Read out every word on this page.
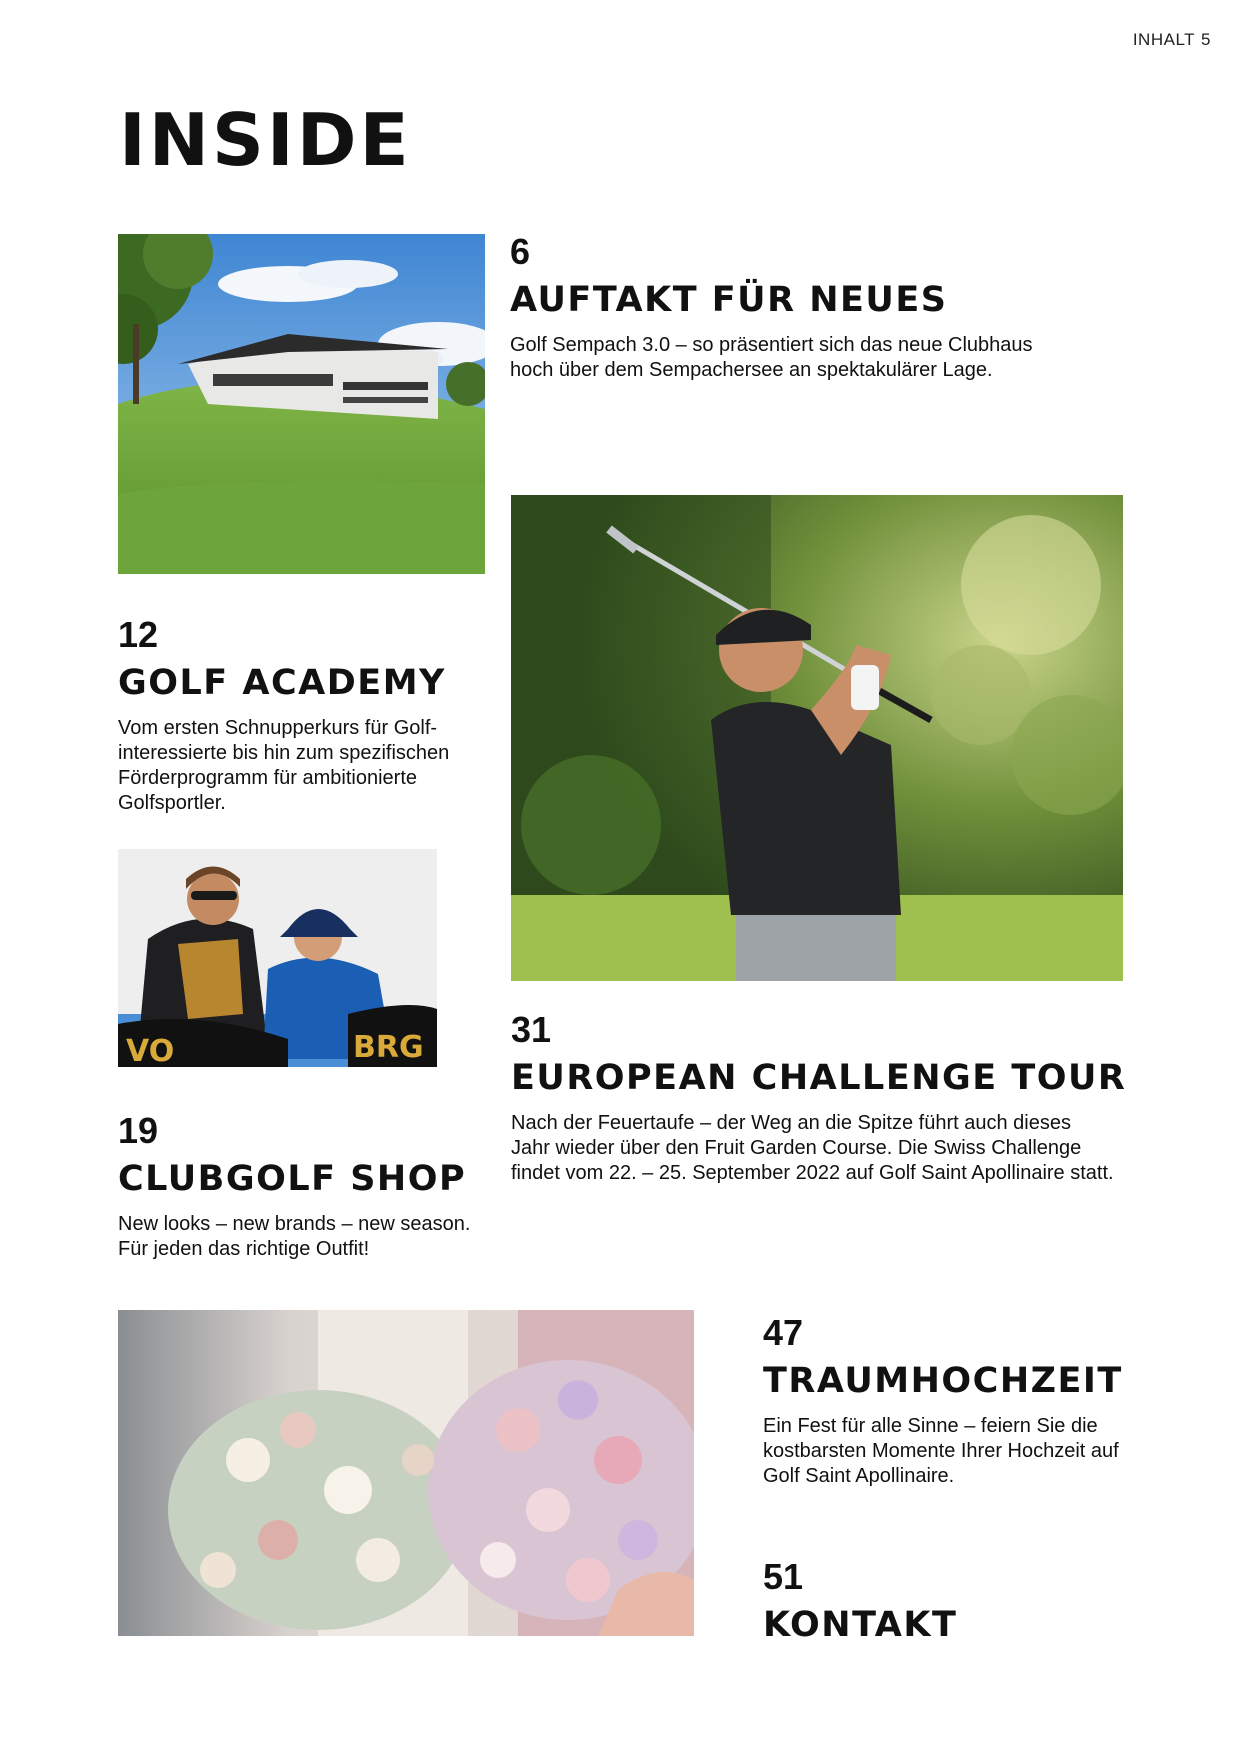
INHALT 5
INSIDE
6
AUFTAKT FÜR NEUES
Golf Sempach 3.0 – so präsentiert sich das neue Clubhaus
hoch über dem Sempachersee an spektakulärer Lage.
12
GOLF ACADEMY
Vom ersten Schnupperkurs für Golf-
interessierte bis hin zum spezifischen
Förderprogramm für ambitionierte
Golfsportler.
VO	BRG 31
EUROPEAN CHALLENGE TOUR
Nach der Feuertaufe – der Weg an die Spitze führt auch dieses
Jahr wieder über den Fruit Garden Course. Die Swiss Challenge
findet vom 22. – 25. September 2022 auf Golf Saint Apollinaire statt.
19
CLUBGOLF SHOP
New looks – new brands – new season.
Für jeden das richtige Outfit!
47
TRAUMHOCHZEIT
Ein Fest für alle Sinne – feiern Sie die
kostbarsten Momente Ihrer Hochzeit auf
Golf Saint Apollinaire.
51
KONTAKT
